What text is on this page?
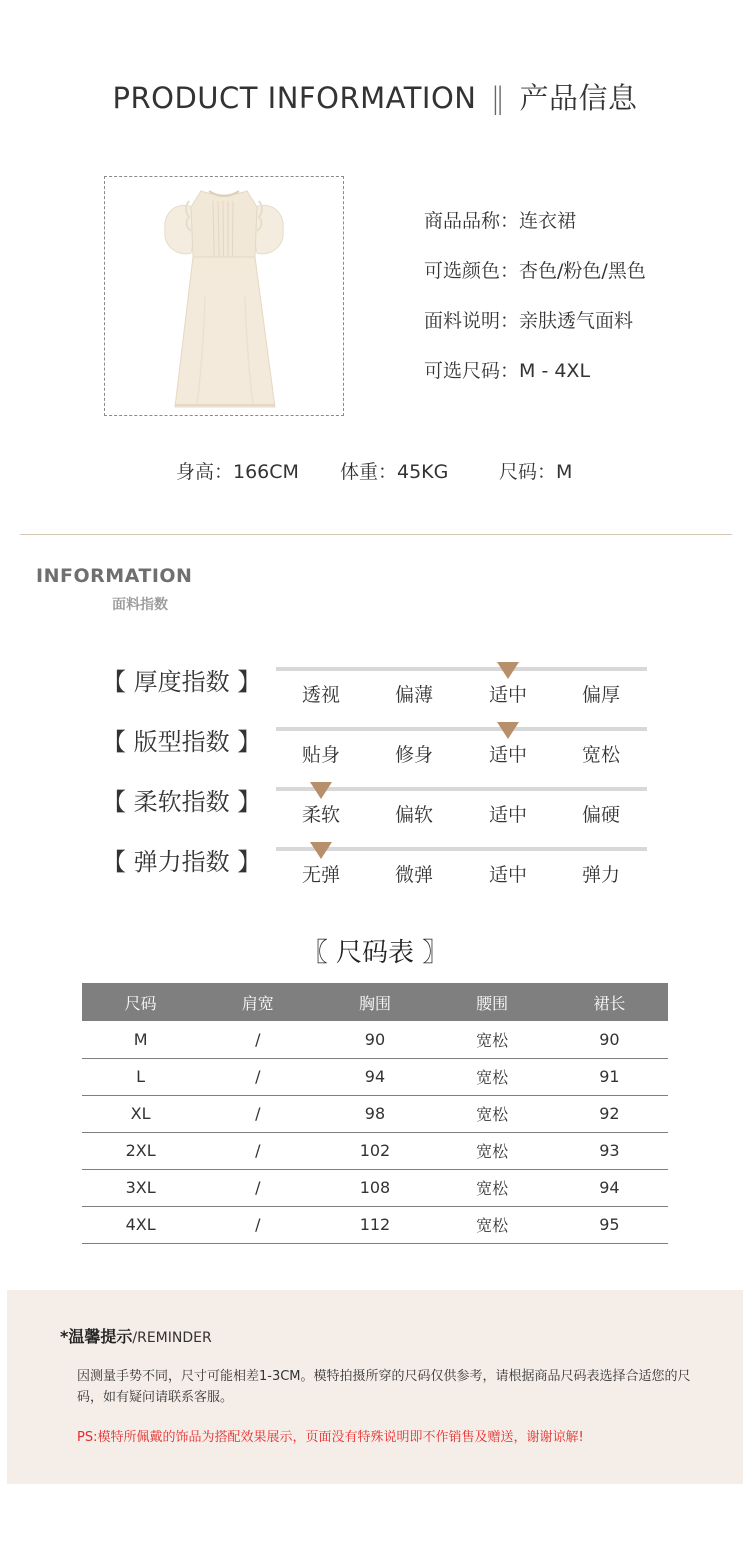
PRODUCT INFORMATION ‖ 产品信息
商品品称：连衣裙
可选颜色：杏色/粉色/黑色
面料说明：亲肤透气面料
可选尺码：M - 4XL
身高：166CM 体重：45KG	尺码：M
INFORMATION
面料指数
【 厚度指数 】 透视	偏薄	适中	偏厚
【 版型指数 】 贴身	修身	适中	宽松
【 柔软指数 】 柔软	偏软	适中	偏硬
【 弹力指数 】 无弹	微弹	适中	弹力
〖 尺码表 〗
尺码	肩宽	胸围	腰围	裙长
M	/	90	宽松	90
L	/	94	宽松	91
XL	/	98	宽松	92
2XL	/	102	宽松	93
3XL	/	108	宽松	94
4XL	/	112	宽松	95
*温馨提示/REMINDER
因测量手势不同，尺寸可能相差1-3CM。模特拍摄所穿的尺码仅供参考，请根据商品尺码表选择合适您的尺码，如有疑问请联系客服。
PS:模特所佩戴的饰品为搭配效果展示，页面没有特殊说明即不作销售及赠送，谢谢谅解!
